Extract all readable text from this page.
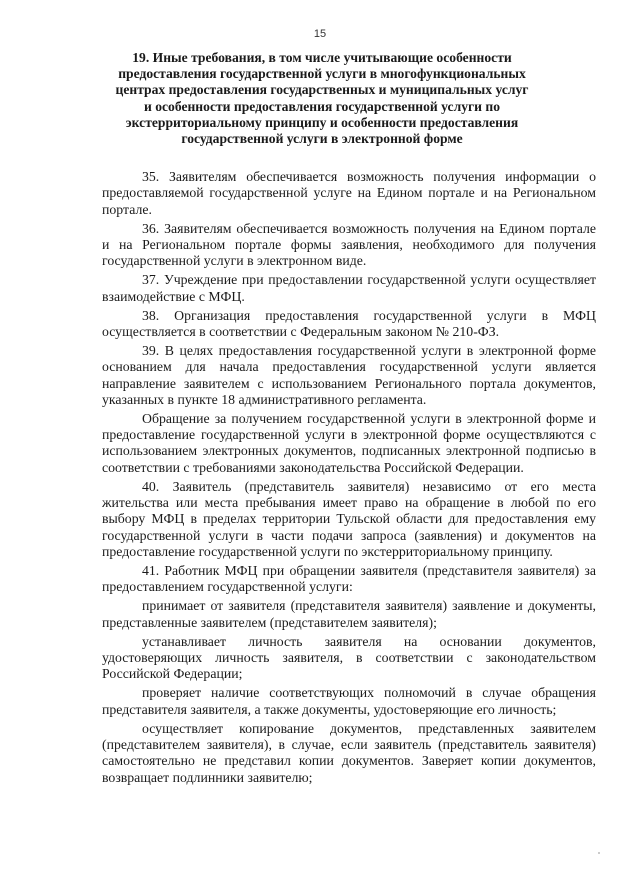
15
19. Иные требования, в том числе учитывающие особенности
предоставления государственной услуги в многофункциональных
центрах предоставления государственных и муниципальных услуг
и особенности предоставления государственной услуги по
экстерриториальному принципу и особенности предоставления
государственной услуги в электронной форме

35. Заявителям обеспечивается возможность получения информации о предоставляемой государственной услуге на Едином портале и на Региональном портале.

36. Заявителям обеспечивается возможность получения на Едином портале и на Региональном портале формы заявления, необходимого для получения государственной услуги в электронном виде.

37. Учреждение при предоставлении государственной услуги осуществляет взаимодействие с МФЦ.

38. Организация предоставления государственной услуги в МФЦ осуществляется в соответствии с Федеральным законом № 210-ФЗ.

39. В целях предоставления государственной услуги в электронной форме основанием для начала предоставления государственной услуги является направление заявителем с использованием Регионального портала документов, указанных в пункте 18 административного регламента.

Обращение за получением государственной услуги в электронной форме и предоставление государственной услуги в электронной форме осуществляются с использованием электронных документов, подписанных электронной подписью в соответствии с требованиями законодательства Российской Федерации.

40. Заявитель (представитель заявителя) независимо от его места жительства или места пребывания имеет право на обращение в любой по его выбору МФЦ в пределах территории Тульской области для предоставления ему государственной услуги в части подачи запроса (заявления) и документов на предоставление государственной услуги по экстерриториальному принципу.

41. Работник МФЦ при обращении заявителя (представителя заявителя) за предоставлением государственной услуги:

принимает от заявителя (представителя заявителя) заявление и документы, представленные заявителем (представителем заявителя);

устанавливает личность заявителя на основании документов, удостоверяющих личность заявителя, в соответствии с законодательством Российской Федерации;

проверяет наличие соответствующих полномочий в случае обращения представителя заявителя, а также документы, удостоверяющие его личность;

осуществляет копирование документов, представленных заявителем (представителем заявителя), в случае, если заявитель (представитель заявителя) самостоятельно не представил копии документов. Заверяет копии документов, возвращает подлинники заявителю;
